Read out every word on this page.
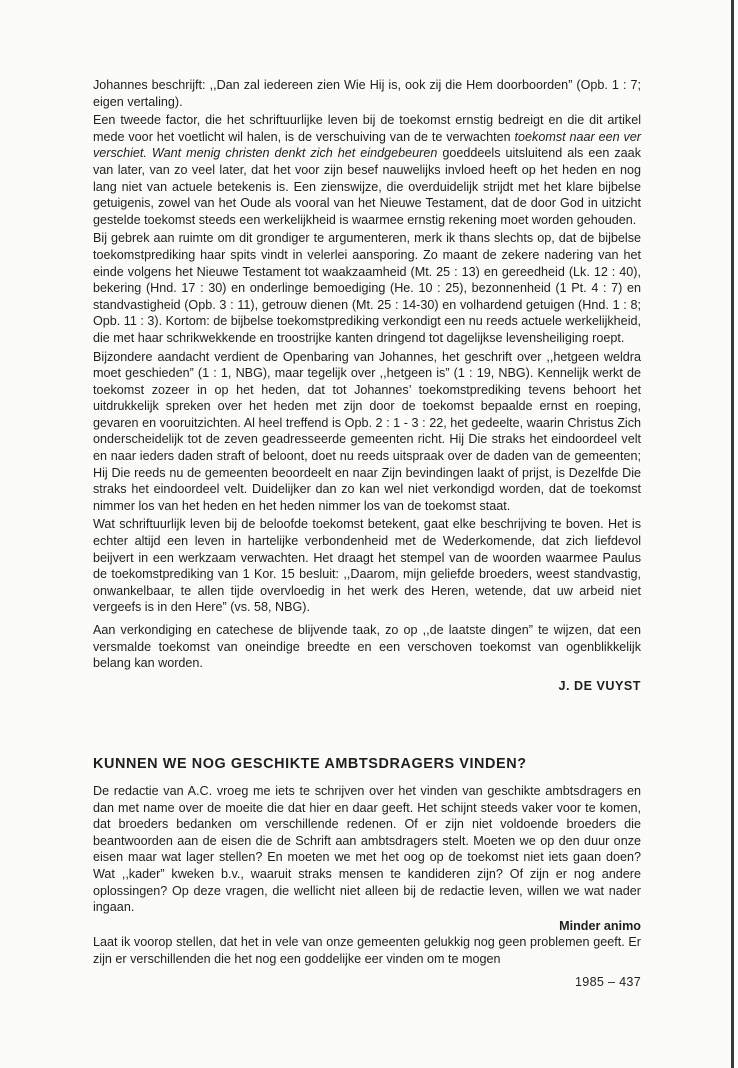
Johannes beschrijft: ,,Dan zal iedereen zien Wie Hij is, ook zij die Hem doorboorden” (Opb. 1 : 7; eigen vertaling).

Een tweede factor, die het schriftuurlijke leven bij de toekomst ernstig bedreigt en die dit artikel mede voor het voetlicht wil halen, is de verschuiving van de te verwachten toekomst naar een ver verschiet. Want menig christen denkt zich het eindgebeuren goeddeels uitsluitend als een zaak van later, van zo veel later, dat het voor zijn besef nauwelijks invloed heeft op het heden en nog lang niet van actuele betekenis is. Een zienswijze, die overduidelijk strijdt met het klare bijbelse getuigenis, zowel van het Oude als vooral van het Nieuwe Testament, dat de door God in uitzicht gestelde toekomst steeds een werkelijkheid is waarmee ernstig rekening moet worden gehouden.

Bij gebrek aan ruimte om dit grondiger te argumenteren, merk ik thans slechts op, dat de bijbelse toekomstprediking haar spits vindt in velerlei aansporing. Zo maant de zekere nadering van het einde volgens het Nieuwe Testament tot waakzaamheid (Mt. 25 : 13) en gereedheid (Lk. 12 : 40), bekering (Hnd. 17 : 30) en onderlinge bemoediging (He. 10 : 25), bezonnenheid (1 Pt. 4 : 7) en standvastigheid (Opb. 3 : 11), getrouw dienen (Mt. 25 : 14-30) en volhardend getuigen (Hnd. 1 : 8; Opb. 11 : 3). Kortom: de bijbelse toekomstprediking verkondigt een nu reeds actuele werkelijkheid, die met haar schrikwekkende en troostrijke kanten dringend tot dagelijkse levensheiliging roept.

Bijzondere aandacht verdient de Openbaring van Johannes, het geschrift over ,,hetgeen weldra moet geschieden” (1 : 1, NBG), maar tegelijk over ,,hetgeen is” (1 : 19, NBG). Kennelijk werkt de toekomst zozeer in op het heden, dat tot Johannes’ toekomstprediking tevens behoort het uitdrukkelijk spreken over het heden met zijn door de toekomst bepaalde ernst en roeping, gevaren en vooruitzichten. Al heel treffend is Opb. 2 : 1 - 3 : 22, het gedeelte, waarin Christus Zich onderscheidelijk tot de zeven geadresseerde gemeenten richt. Hij Die straks het eindoordeel velt en naar ieders daden straft of beloont, doet nu reeds uitspraak over de daden van de gemeenten; Hij Die reeds nu de gemeenten beoordeelt en naar Zijn bevindingen laakt of prijst, is Dezelfde Die straks het eindoordeel velt. Duidelijker dan zo kan wel niet verkondigd worden, dat de toekomst nimmer los van het heden en het heden nimmer los van de toekomst staat.

Wat schriftuurlijk leven bij de beloofde toekomst betekent, gaat elke beschrijving te boven. Het is echter altijd een leven in hartelijke verbondenheid met de Wederkomende, dat zich liefdevol beijvert in een werkzaam verwachten. Het draagt het stempel van de woorden waarmee Paulus de toekomstprediking van 1 Kor. 15 besluit: ,,Daarom, mijn geliefde broeders, weest standvastig, onwankelbaar, te allen tijde overvloedig in het werk des Heren, wetende, dat uw arbeid niet vergeefs is in den Here” (vs. 58, NBG).

Aan verkondiging en catechese de blijvende taak, zo op ,,de laatste dingen” te wijzen, dat een versmalde toekomst van oneindige breedte en een verschoven toekomst van ogenblikkelijk belang kan worden.

J. DE VUYST
KUNNEN WE NOG GESCHIKTE AMBTSDRAGERS VINDEN?

De redactie van A.C. vroeg me iets te schrijven over het vinden van geschikte ambtsdragers en dan met name over de moeite die dat hier en daar geeft. Het schijnt steeds vaker voor te komen, dat broeders bedanken om verschillende redenen. Of er zijn niet voldoende broeders die beantwoorden aan de eisen die de Schrift aan ambtsdragers stelt. Moeten we op den duur onze eisen maar wat lager stellen? En moeten we met het oog op de toekomst niet iets gaan doen? Wat ,,kader” kweken b.v., waaruit straks mensen te kandideren zijn? Of zijn er nog andere oplossingen? Op deze vragen, die wellicht niet alleen bij de redactie leven, willen we wat nader ingaan.

Minder animo

Laat ik voorop stellen, dat het in vele van onze gemeenten gelukkig nog geen problemen geeft. Er zijn er verschillenden die het nog een goddelijke eer vinden om te mogen

1985 – 437
